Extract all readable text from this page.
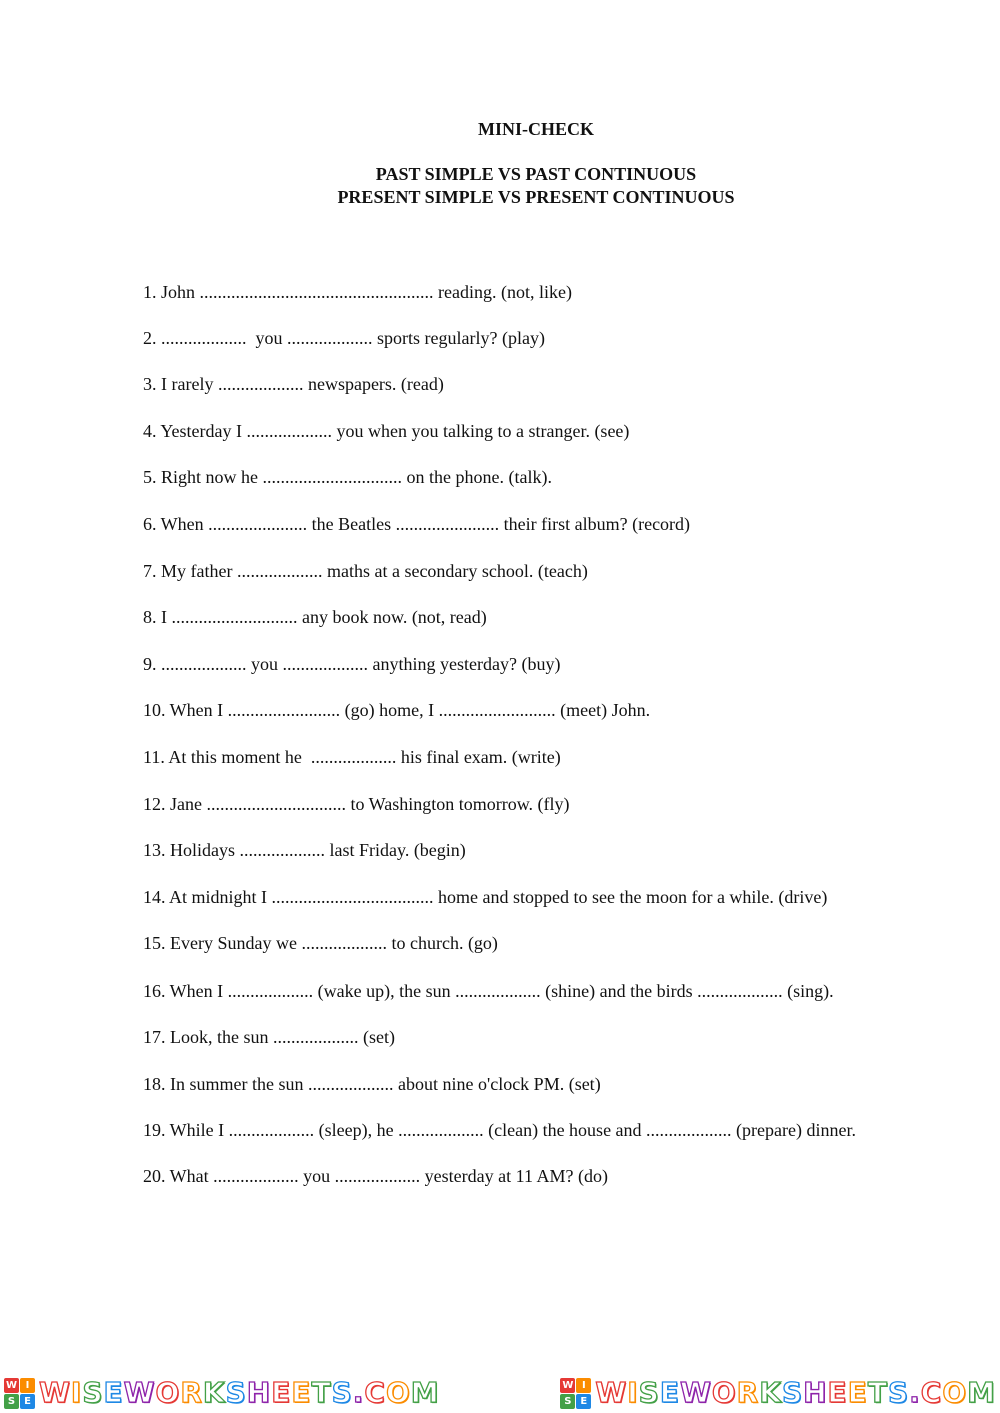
MINI-CHECK
PAST SIMPLE VS PAST CONTINUOUS
PRESENT SIMPLE VS PRESENT CONTINUOUS
1. John .................................................... reading. (not, like)
2. ...................  you ................... sports regularly? (play)
3. I rarely ................... newspapers. (read)
4. Yesterday I ................... you when you talking to a stranger. (see)
5. Right now he ............................... on the phone. (talk).
6. When ...................... the Beatles ....................... their first album? (record)
7. My father ................... maths at a secondary school. (teach)
8. I ............................ any book now. (not, read)
9. ................... you ................... anything yesterday? (buy)
10. When I ......................... (go) home, I .......................... (meet) John.
11. At this moment he  ................... his final exam. (write)
12. Jane ............................... to Washington tomorrow. (fly)
13. Holidays ................... last Friday. (begin)
14. At midnight I .................................... home and stopped to see the moon for a while. (drive)
15. Every Sunday we ................... to church. (go)
16. When I ................... (wake up), the sun ................... (shine) and the birds ................... (sing).
17. Look, the sun ................... (set)
18. In summer the sun ................... about nine o'clock PM. (set)
19. While I ................... (sleep), he ................... (clean) the house and ................... (prepare) dinner.
20. What ................... you ................... yesterday at 11 AM? (do)
W I
S E W I S E W O R K S H E E T S . C O M	W I
S E W I S E W O R K S H E E T S . C O M
